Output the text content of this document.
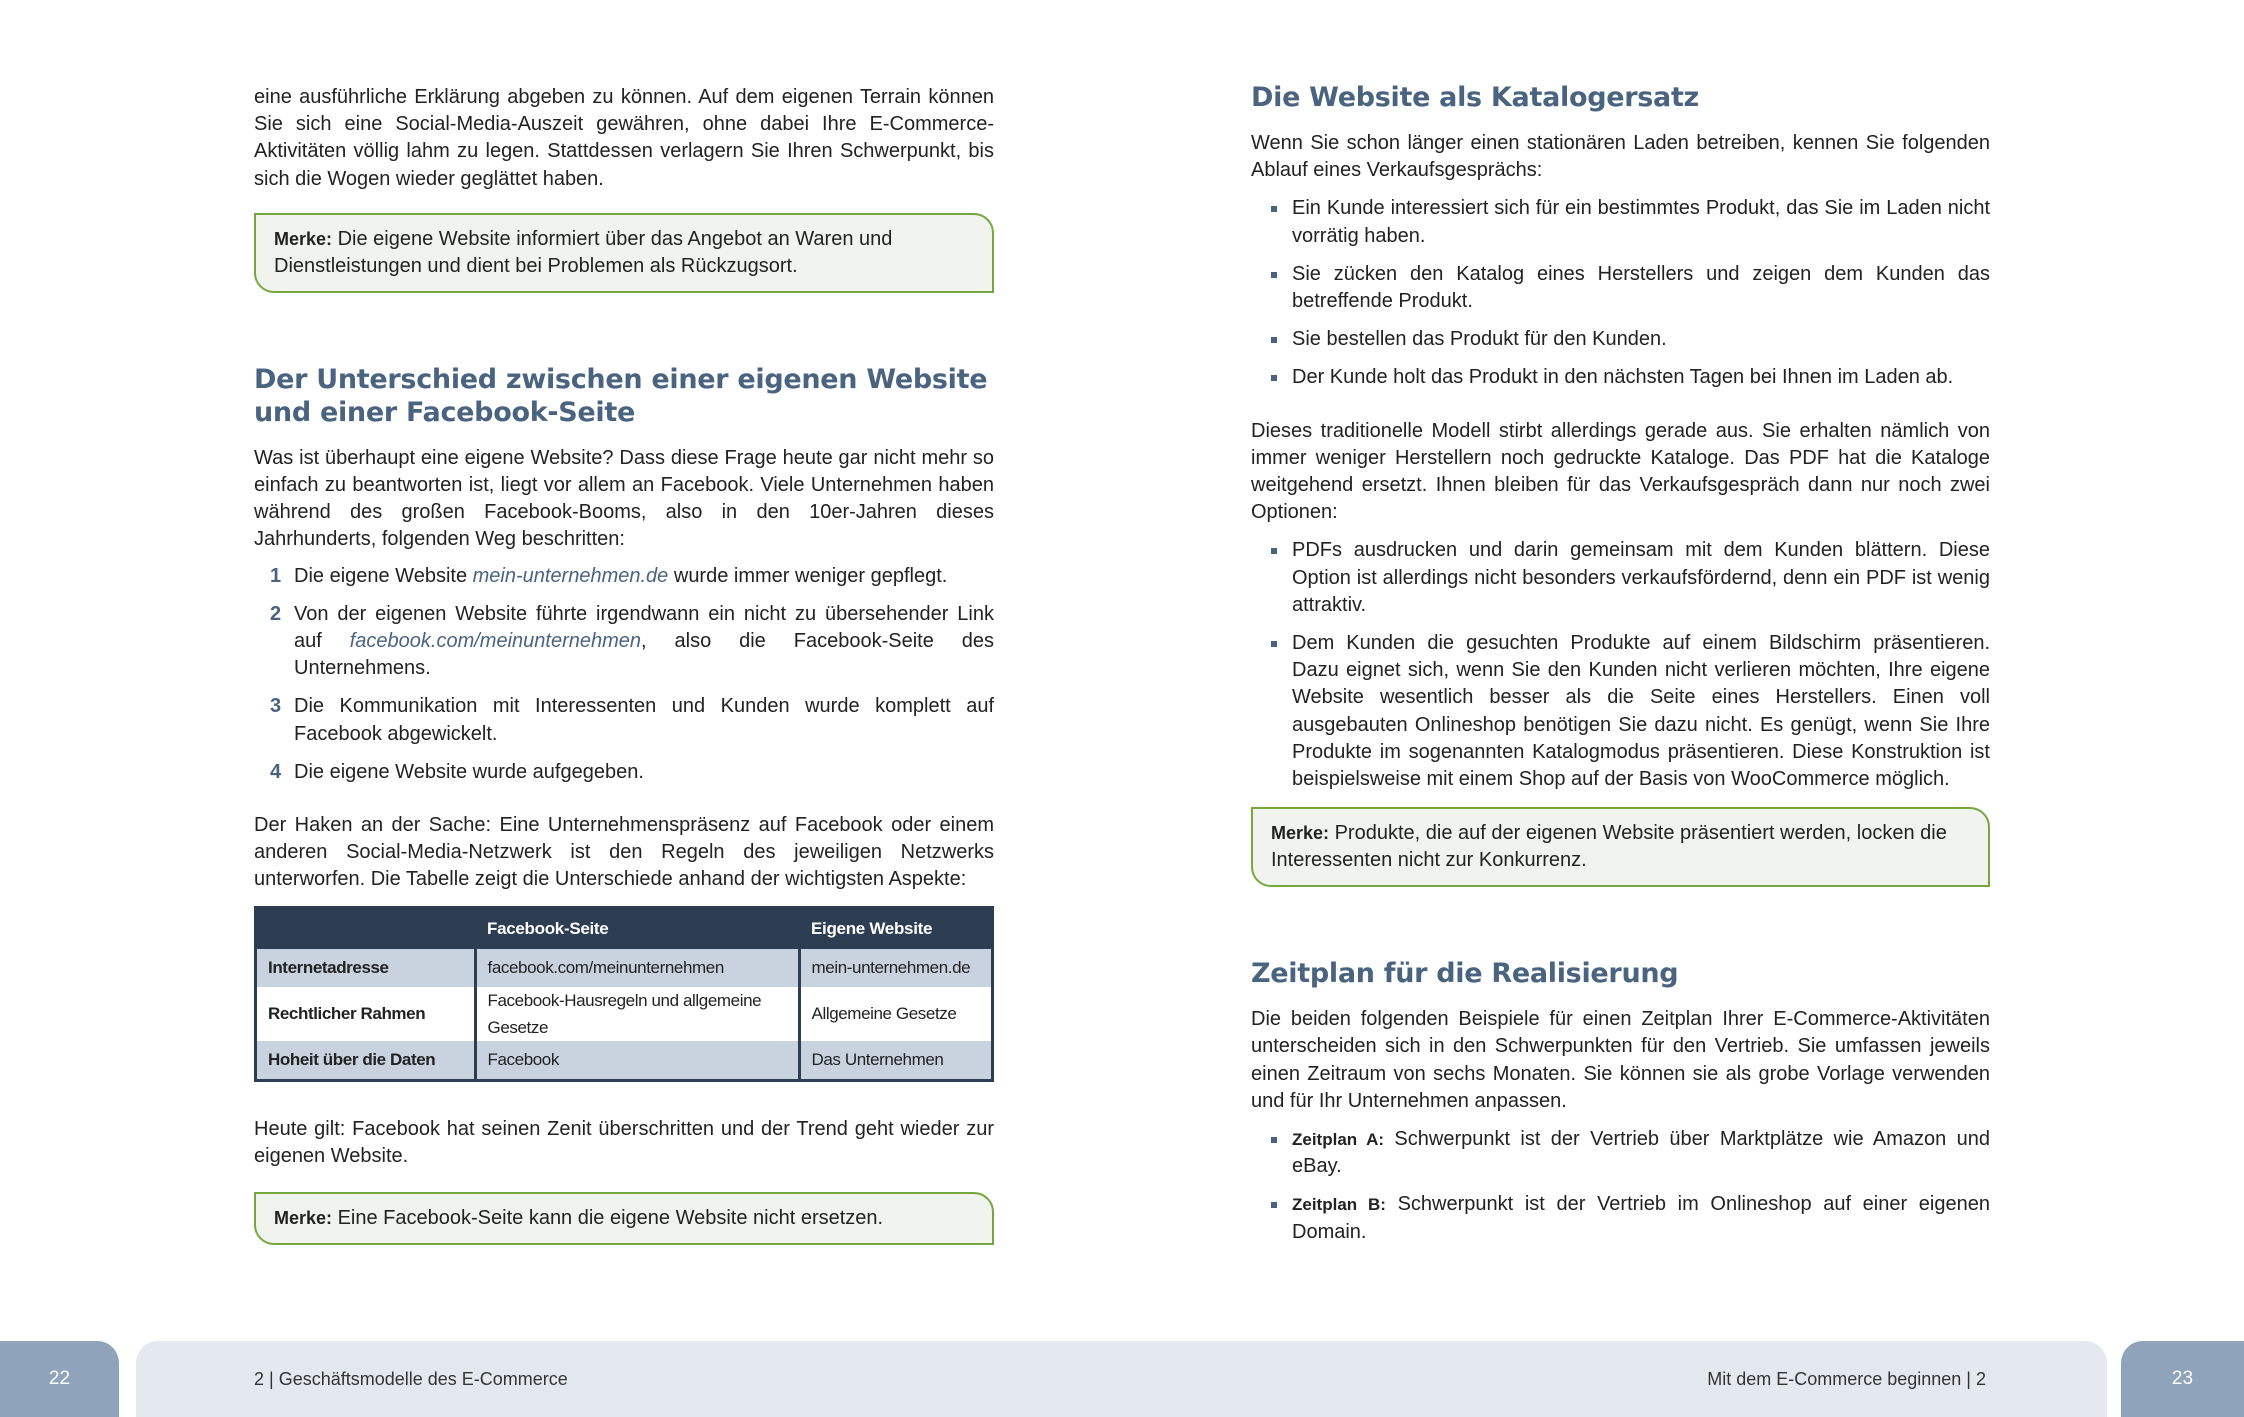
eine ausführliche Erklärung abgeben zu können. Auf dem eigenen Terrain können Sie sich eine Social-Media-Auszeit gewähren, ohne dabei Ihre E-Commerce-Aktivitäten völlig lahm zu legen. Stattdessen verlagern Sie Ihren Schwerpunkt, bis sich die Wogen wieder geglättet haben.

Merke: Die eigene Website informiert über das Angebot an Waren und Dienstleistungen und dient bei Problemen als Rückzugsort.
Der Unterschied zwischen einer eigenen Website und einer Facebook-Seite

Was ist überhaupt eine eigene Website? Dass diese Frage heute gar nicht mehr so einfach zu beantworten ist, liegt vor allem an Facebook. Viele Unternehmen haben während des großen Facebook-Booms, also in den 10er-Jahren dieses Jahrhunderts, folgenden Weg beschritten:

1 Die eigene Website mein-unternehmen.de wurde immer weniger gepflegt.
2 Von der eigenen Website führte irgendwann ein nicht zu übersehender Link auf facebook.com/meinunternehmen, also die Facebook-Seite des Unternehmens.
3 Die Kommunikation mit Interessenten und Kunden wurde komplett auf Facebook abgewickelt.
4 Die eigene Website wurde aufgegeben.

Der Haken an der Sache: Eine Unternehmenspräsenz auf Facebook oder einem anderen Social-Media-Netzwerk ist den Regeln des jeweiligen Netzwerks unterworfen. Die Tabelle zeigt die Unterschiede anhand der wichtigsten Aspekte:

	Facebook-Seite	Eigene Website
Internetadresse	facebook.com/meinunternehmen	mein-unternehmen.de
Rechtlicher Rahmen	Facebook-Hausregeln und allgemeine Gesetze	Allgemeine Gesetze
Hoheit über die Daten	Facebook	Das Unternehmen

Heute gilt: Facebook hat seinen Zenit überschritten und der Trend geht wieder zur eigenen Website.

Merke: Eine Facebook-Seite kann die eigene Website nicht ersetzen.
Die Website als Katalogersatz

Wenn Sie schon länger einen stationären Laden betreiben, kennen Sie folgenden Ablauf eines Verkaufsgesprächs:

Ein Kunde interessiert sich für ein bestimmtes Produkt, das Sie im Laden nicht vorrätig haben.
Sie zücken den Katalog eines Herstellers und zeigen dem Kunden das betreffende Produkt.
Sie bestellen das Produkt für den Kunden.
Der Kunde holt das Produkt in den nächsten Tagen bei Ihnen im Laden ab.

Dieses traditionelle Modell stirbt allerdings gerade aus. Sie erhalten nämlich von immer weniger Herstellern noch gedruckte Kataloge. Das PDF hat die Kataloge weitgehend ersetzt. Ihnen bleiben für das Verkaufsgespräch dann nur noch zwei Optionen:

PDFs ausdrucken und darin gemeinsam mit dem Kunden blättern. Diese Option ist allerdings nicht besonders verkaufsfördernd, denn ein PDF ist wenig attraktiv.
Dem Kunden die gesuchten Produkte auf einem Bildschirm präsentieren. Dazu eignet sich, wenn Sie den Kunden nicht verlieren möchten, Ihre eigene Website wesentlich besser als die Seite eines Herstellers. Einen voll ausgebauten Onlineshop benötigen Sie dazu nicht. Es genügt, wenn Sie Ihre Produkte im sogenannten Katalogmodus präsentieren. Diese Konstruktion ist beispielsweise mit einem Shop auf der Basis von WooCommerce möglich.
Merke: Produkte, die auf der eigenen Website präsentiert werden, locken die Interessenten nicht zur Konkurrenz.
Zeitplan für die Realisierung

Die beiden folgenden Beispiele für einen Zeitplan Ihrer E-Commerce-Aktivitäten unterscheiden sich in den Schwerpunkten für den Vertrieb. Sie umfassen jeweils einen Zeitraum von sechs Monaten. Sie können sie als grobe Vorlage verwenden und für Ihr Unternehmen anpassen.

Zeitplan A: Schwerpunkt ist der Vertrieb über Marktplätze wie Amazon und eBay.
Zeitplan B: Schwerpunkt ist der Vertrieb im Onlineshop auf einer eigenen Domain.
22	2 | Geschäftsmodelle des E-Commerce	Mit dem E-Commerce beginnen | 2	23
